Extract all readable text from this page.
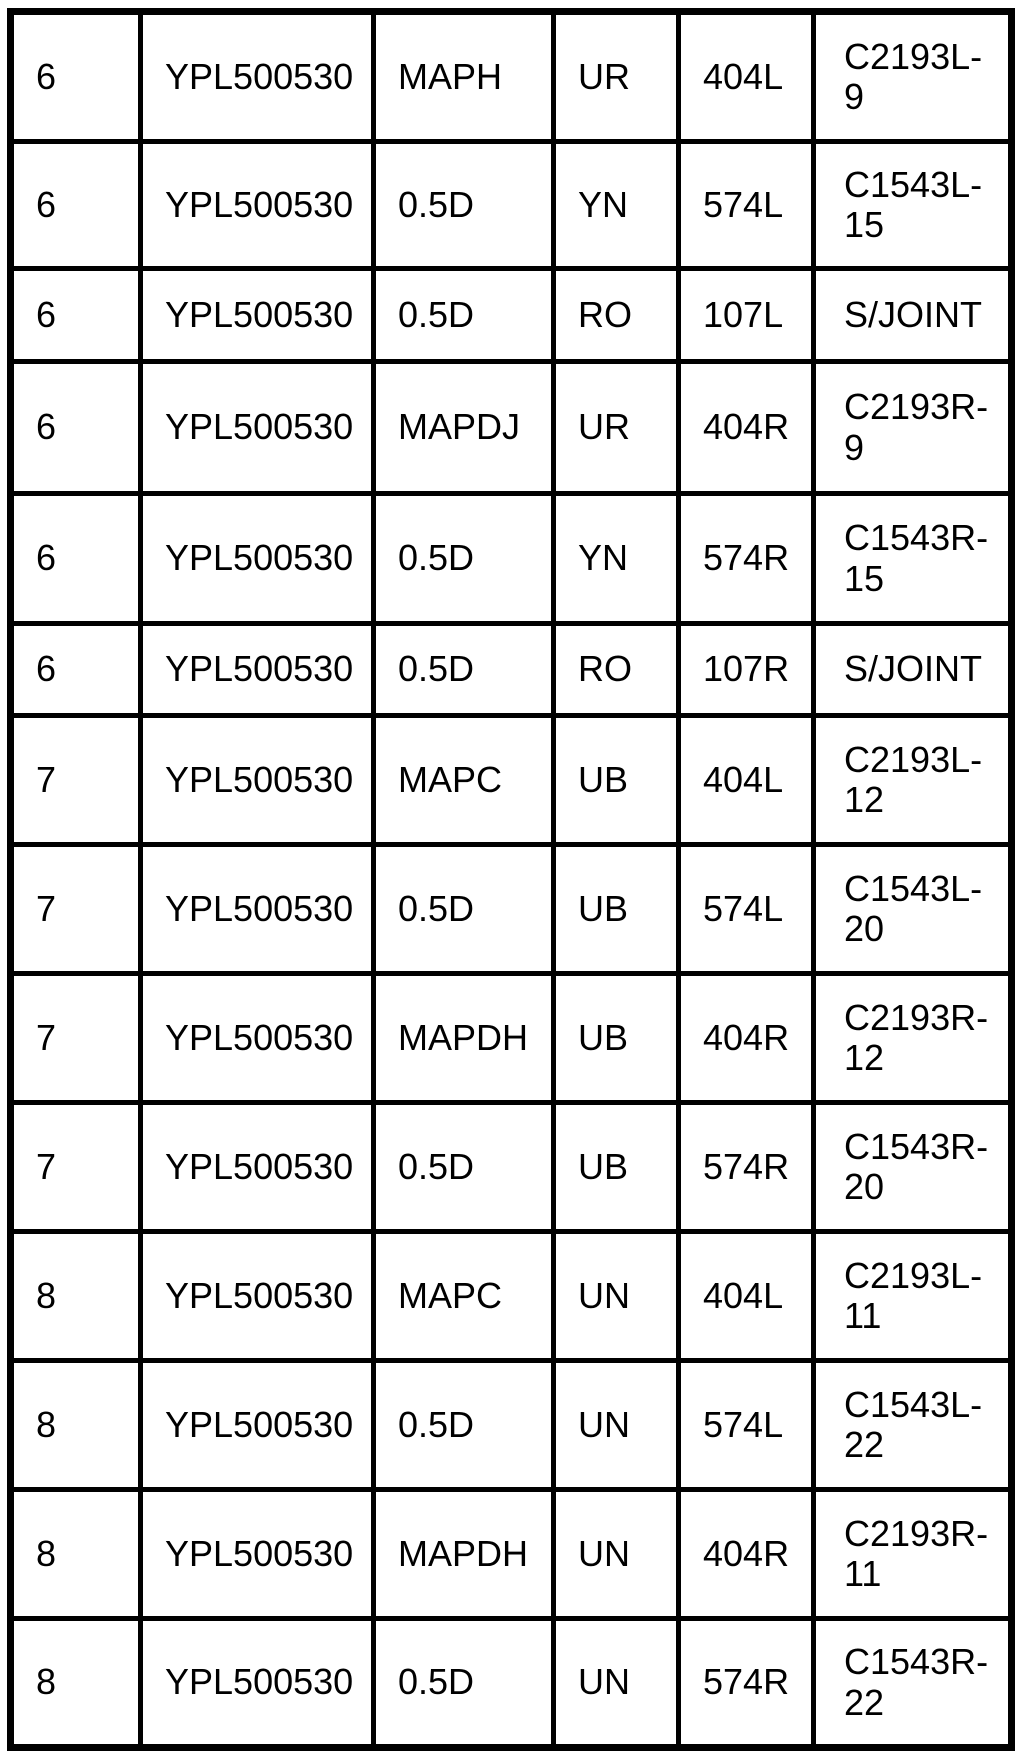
6	YPL500530	MAPH	UR	404L	C2193L-9
6	YPL500530	0.5D	YN	574L	C1543L-15
6	YPL500530	0.5D	RO	107L	S/JOINT
6	YPL500530	MAPDJ	UR	404R	C2193R-9
6	YPL500530	0.5D	YN	574R	C1543R-15
6	YPL500530	0.5D	RO	107R	S/JOINT
7	YPL500530	MAPC	UB	404L	C2193L-12
7	YPL500530	0.5D	UB	574L	C1543L-20
7	YPL500530	MAPDH	UB	404R	C2193R-12
7	YPL500530	0.5D	UB	574R	C1543R-20
8	YPL500530	MAPC	UN	404L	C2193L-11
8	YPL500530	0.5D	UN	574L	C1543L-22
8	YPL500530	MAPDH	UN	404R	C2193R-11
8	YPL500530	0.5D	UN	574R	C1543R-22
